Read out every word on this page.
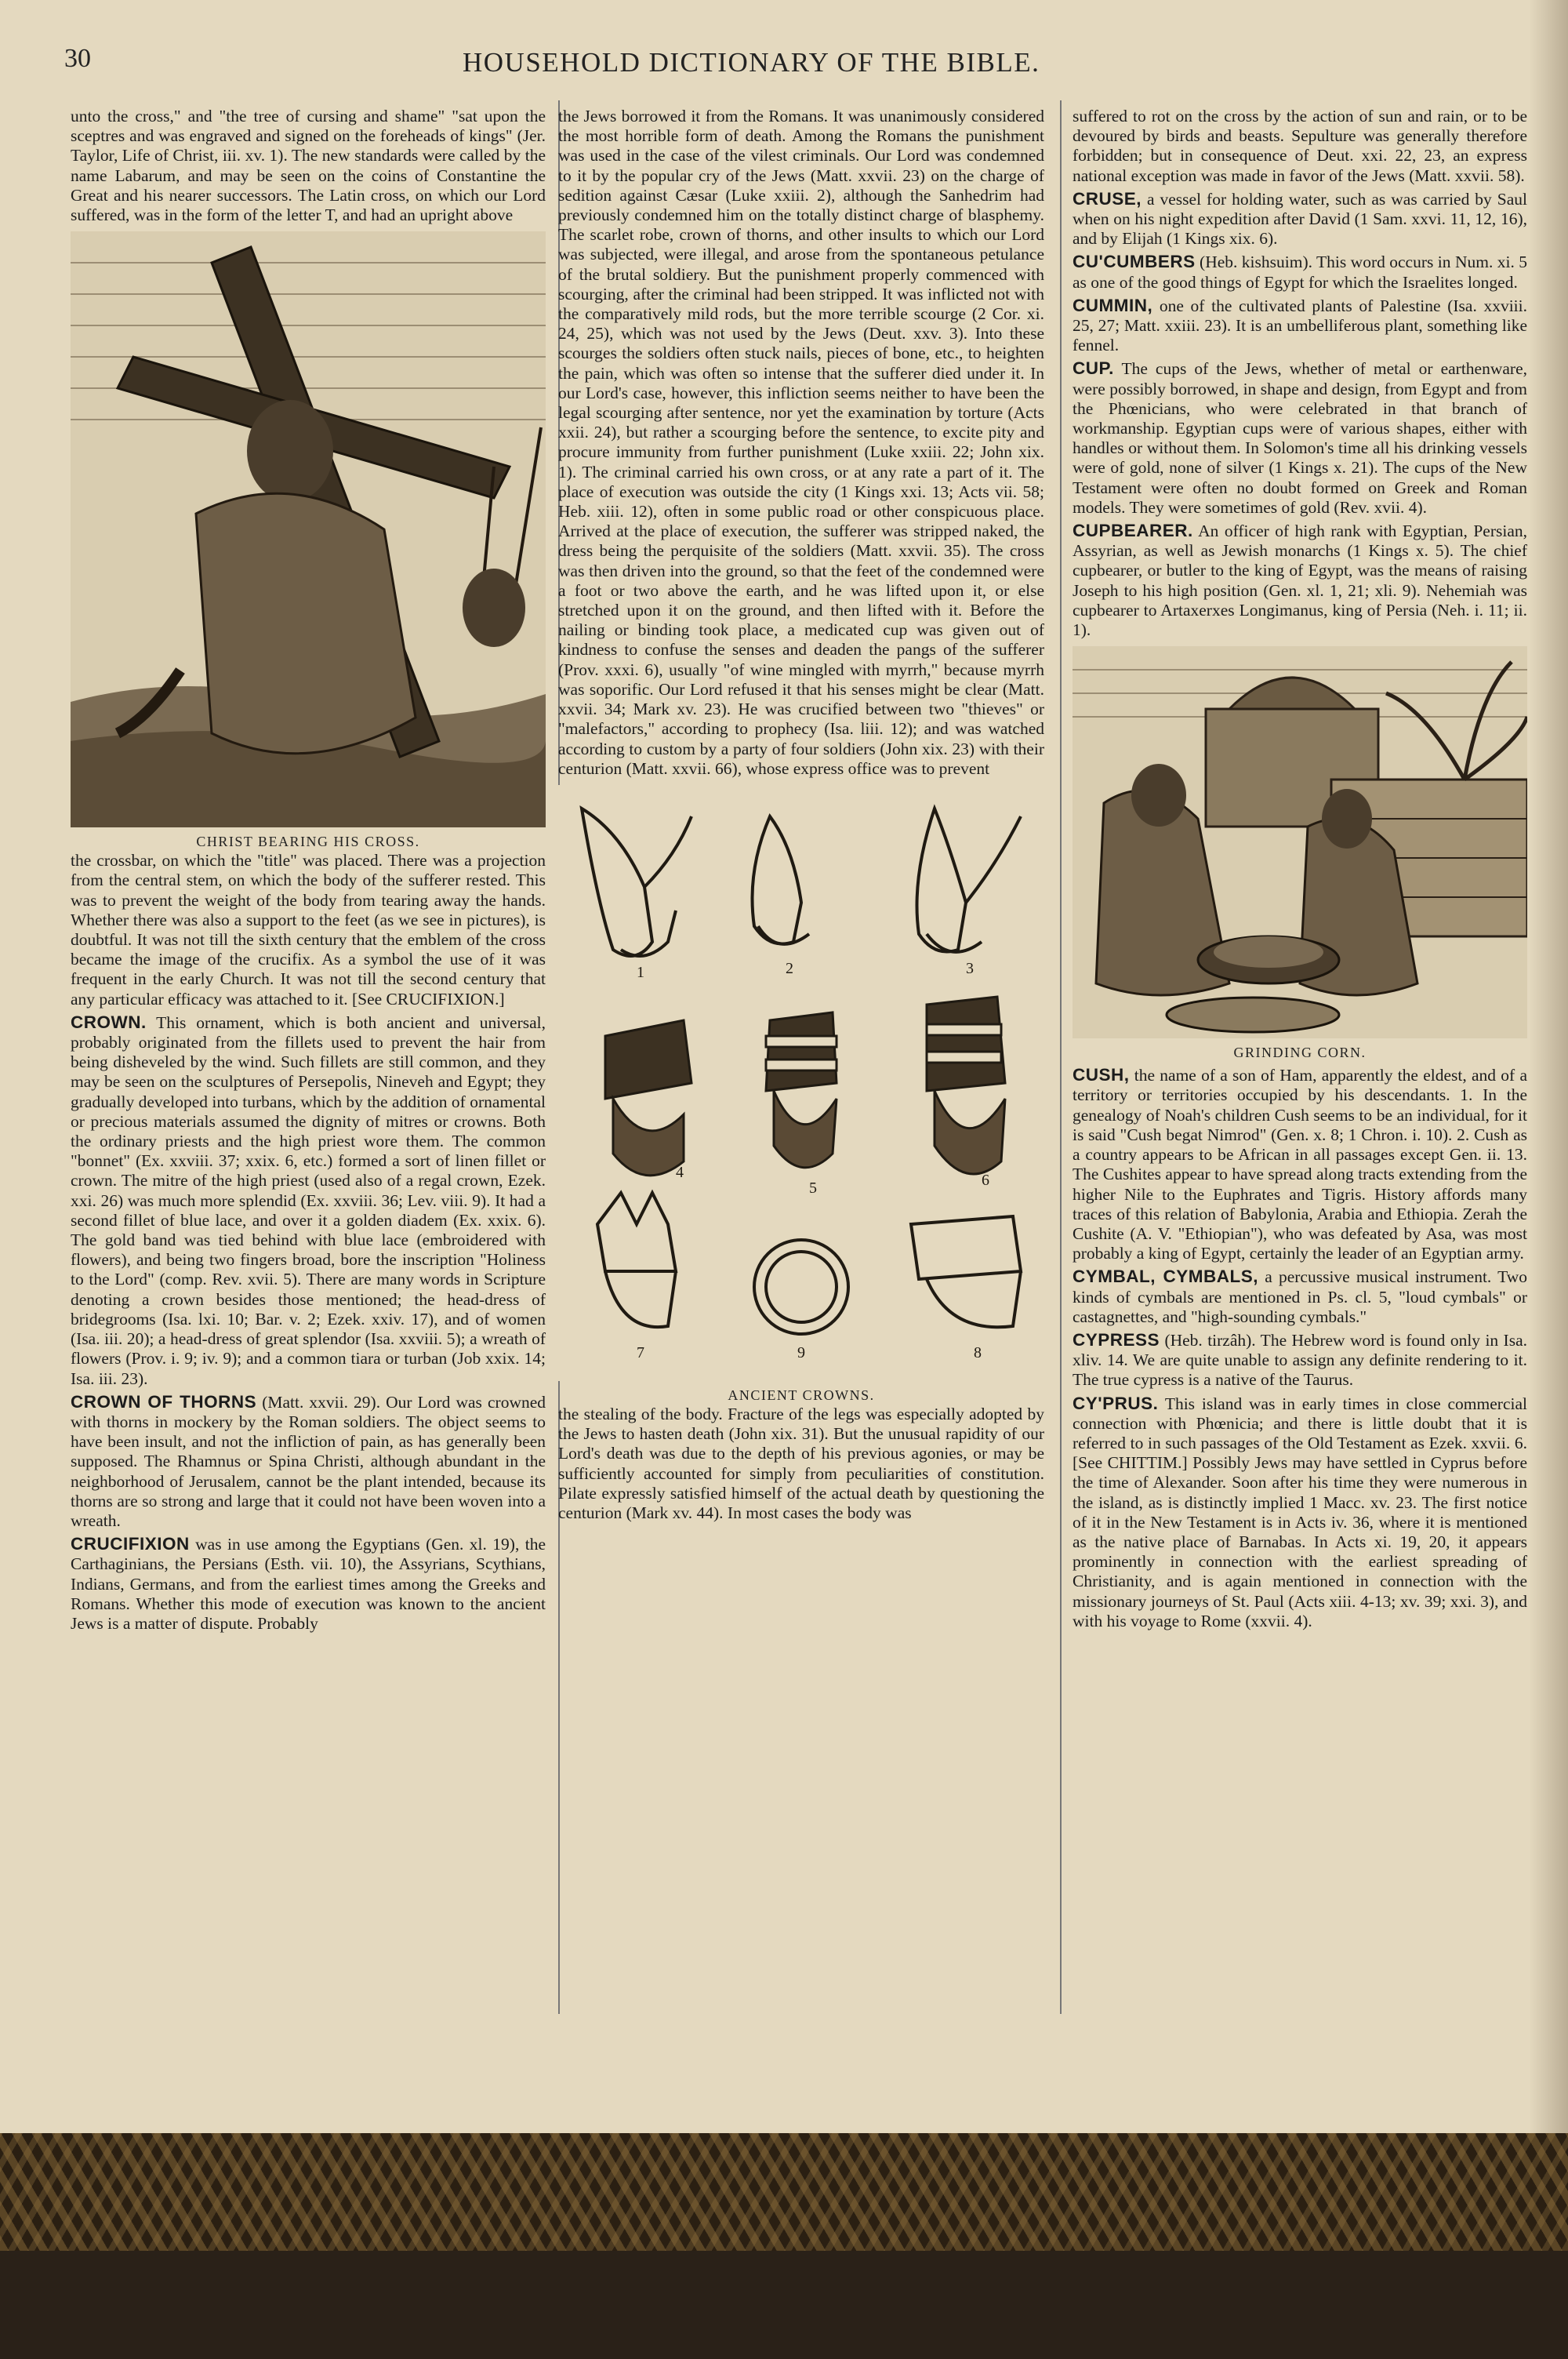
30	HOUSEHOLD DICTIONARY OF THE BIBLE.

unto the cross," and "the tree of cursing and shame" "sat upon the sceptres and was engraved and signed on the foreheads of kings" (Jer. Taylor, Life of Christ, iii. xv. 1). The new standards were called by the name Labarum, and may be seen on the coins of Constantine the Great and his nearer successors. The Latin cross, on which our Lord suffered, was in the form of the letter T, and had an upright above

CHRIST BEARING HIS CROSS.

the crossbar, on which the "title" was placed. There was a projection from the central stem, on which the body of the sufferer rested. This was to prevent the weight of the body from tearing away the hands. Whether there was also a support to the feet (as we see in pictures), is doubtful. It was not till the sixth century that the emblem of the cross became the image of the crucifix. As a symbol the use of it was frequent in the early Church. It was not till the second century that any particular efficacy was attached to it. [See CRUCIFIXION.]

CROWN. This ornament, which is both ancient and universal, probably originated from the fillets used to prevent the hair from being disheveled by the wind. Such fillets are still common, and they may be seen on the sculptures of Persepolis, Nineveh and Egypt; they gradually developed into turbans, which by the addition of ornamental or precious materials assumed the dignity of mitres or crowns. Both the ordinary priests and the high priest wore them. The common "bonnet" (Ex. xxviii. 37; xxix. 6, etc.) formed a sort of linen fillet or crown. The mitre of the high priest (used also of a regal crown, Ezek. xxi. 26) was much more splendid (Ex. xxviii. 36; Lev. viii. 9). It had a second fillet of blue lace, and over it a golden diadem (Ex. xxix. 6). The gold band was tied behind with blue lace (embroidered with flowers), and being two fingers broad, bore the inscription "Holiness to the Lord" (comp. Rev. xvii. 5). There are many words in Scripture denoting a crown besides those mentioned; the head-dress of bridegrooms (Isa. lxi. 10; Bar. v. 2; Ezek. xxiv. 17), and of women (Isa. iii. 20); a head-dress of great splendor (Isa. xxviii. 5); a wreath of flowers (Prov. i. 9; iv. 9); and a common tiara or turban (Job xxix. 14; Isa. iii. 23).

CROWN OF THORNS (Matt. xxvii. 29). Our Lord was crowned with thorns in mockery by the Roman soldiers. The object seems to have been insult, and not the infliction of pain, as has generally been supposed. The Rhamnus or Spina Christi, although abundant in the neighborhood of Jerusalem, cannot be the plant intended, because its thorns are so strong and large that it could not have been woven into a wreath.

CRUCIFIXION was in use among the Egyptians (Gen. xl. 19), the Carthaginians, the Persians (Esth. vii. 10), the Assyrians, Scythians, Indians, Germans, and from the earliest times among the Greeks and Romans. Whether this mode of execution was known to the ancient Jews is a matter of dispute. Probably

the Jews borrowed it from the Romans. It was unanimously considered the most horrible form of death. Among the Romans the punishment was used in the case of the vilest criminals. Our Lord was condemned to it by the popular cry of the Jews (Matt. xxvii. 23) on the charge of sedition against Cæsar (Luke xxiii. 2), although the Sanhedrim had previously condemned him on the totally distinct charge of blasphemy. The scarlet robe, crown of thorns, and other insults to which our Lord was subjected, were illegal, and arose from the spontaneous petulance of the brutal soldiery. But the punishment properly commenced with scourging, after the criminal had been stripped. It was inflicted not with the comparatively mild rods, but the more terrible scourge (2 Cor. xi. 24, 25), which was not used by the Jews (Deut. xxv. 3). Into these scourges the soldiers often stuck nails, pieces of bone, etc., to heighten the pain, which was often so intense that the sufferer died under it. In our Lord's case, however, this infliction seems neither to have been the legal scourging after sentence, nor yet the examination by torture (Acts xxii. 24), but rather a scourging before the sentence, to excite pity and procure immunity from further punishment (Luke xxiii. 22; John xix. 1). The criminal carried his own cross, or at any rate a part of it. The place of execution was outside the city (1 Kings xxi. 13; Acts vii. 58; Heb. xiii. 12), often in some public road or other conspicuous place. Arrived at the place of execution, the sufferer was stripped naked, the dress being the perquisite of the soldiers (Matt. xxvii. 35). The cross was then driven into the ground, so that the feet of the condemned were a foot or two above the earth, and he was lifted upon it, or else stretched upon it on the ground, and then lifted with it. Before the nailing or binding took place, a medicated cup was given out of kindness to confuse the senses and deaden the pangs of the sufferer (Prov. xxxi. 6), usually "of wine mingled with myrrh," because myrrh was soporific. Our Lord refused it that his senses might be clear (Matt. xxvii. 34; Mark xv. 23). He was crucified between two "thieves" or "malefactors," according to prophecy (Isa. liii. 12); and was watched according to custom by a party of four soldiers (John xix. 23) with their centurion (Matt. xxvii. 66), whose express office was to prevent

1	2	3
4
5	6
7	9	8
ANCIENT CROWNS.

the stealing of the body. Fracture of the legs was especially adopted by the Jews to hasten death (John xix. 31). But the unusual rapidity of our Lord's death was due to the depth of his previous agonies, or may be sufficiently accounted for simply from peculiarities of constitution. Pilate expressly satisfied himself of the actual death by questioning the centurion (Mark xv. 44). In most cases the body was

suffered to rot on the cross by the action of sun and rain, or to be devoured by birds and beasts. Sepulture was generally therefore forbidden; but in consequence of Deut. xxi. 22, 23, an express national exception was made in favor of the Jews (Matt. xxvii. 58).

CRUSE, a vessel for holding water, such as was carried by Saul when on his night expedition after David (1 Sam. xxvi. 11, 12, 16), and by Elijah (1 Kings xix. 6).

CU'CUMBERS (Heb. kishsuim). This word occurs in Num. xi. 5 as one of the good things of Egypt for which the Israelites longed.

CUMMIN, one of the cultivated plants of Palestine (Isa. xxviii. 25, 27; Matt. xxiii. 23). It is an umbelliferous plant, something like fennel.

CUP. The cups of the Jews, whether of metal or earthenware, were possibly borrowed, in shape and design, from Egypt and from the Phœnicians, who were celebrated in that branch of workmanship. Egyptian cups were of various shapes, either with handles or without them. In Solomon's time all his drinking vessels were of gold, none of silver (1 Kings x. 21). The cups of the New Testament were often no doubt formed on Greek and Roman models. They were sometimes of gold (Rev. xvii. 4).

CUPBEARER. An officer of high rank with Egyptian, Persian, Assyrian, as well as Jewish monarchs (1 Kings x. 5). The chief cupbearer, or butler to the king of Egypt, was the means of raising Joseph to his high position (Gen. xl. 1, 21; xli. 9). Nehemiah was cupbearer to Artaxerxes Longimanus, king of Persia (Neh. i. 11; ii. 1).

GRINDING CORN.

CUSH, the name of a son of Ham, apparently the eldest, and of a territory or territories occupied by his descendants. 1. In the genealogy of Noah's children Cush seems to be an individual, for it is said "Cush begat Nimrod" (Gen. x. 8; 1 Chron. i. 10). 2. Cush as a country appears to be African in all passages except Gen. ii. 13. The Cushites appear to have spread along tracts extending from the higher Nile to the Euphrates and Tigris. History affords many traces of this relation of Babylonia, Arabia and Ethiopia. Zerah the Cushite (A. V. "Ethiopian"), who was defeated by Asa, was most probably a king of Egypt, certainly the leader of an Egyptian army.

CYMBAL, CYMBALS, a percussive musical instrument. Two kinds of cymbals are mentioned in Ps. cl. 5, "loud cymbals" or castagnettes, and "high-sounding cymbals."

CYPRESS (Heb. tirzâh). The Hebrew word is found only in Isa. xliv. 14. We are quite unable to assign any definite rendering to it. The true cypress is a native of the Taurus.

CY'PRUS. This island was in early times in close commercial connection with Phœnicia; and there is little doubt that it is referred to in such passages of the Old Testament as Ezek. xxvii. 6. [See CHITTIM.] Possibly Jews may have settled in Cyprus before the time of Alexander. Soon after his time they were numerous in the island, as is distinctly implied 1 Macc. xv. 23. The first notice of it in the New Testament is in Acts iv. 36, where it is mentioned as the native place of Barnabas. In Acts xi. 19, 20, it appears prominently in connection with the earliest spreading of Christianity, and is again mentioned in connection with the missionary journeys of St. Paul (Acts xiii. 4-13; xv. 39; xxi. 3), and with his voyage to Rome (xxvii. 4).
